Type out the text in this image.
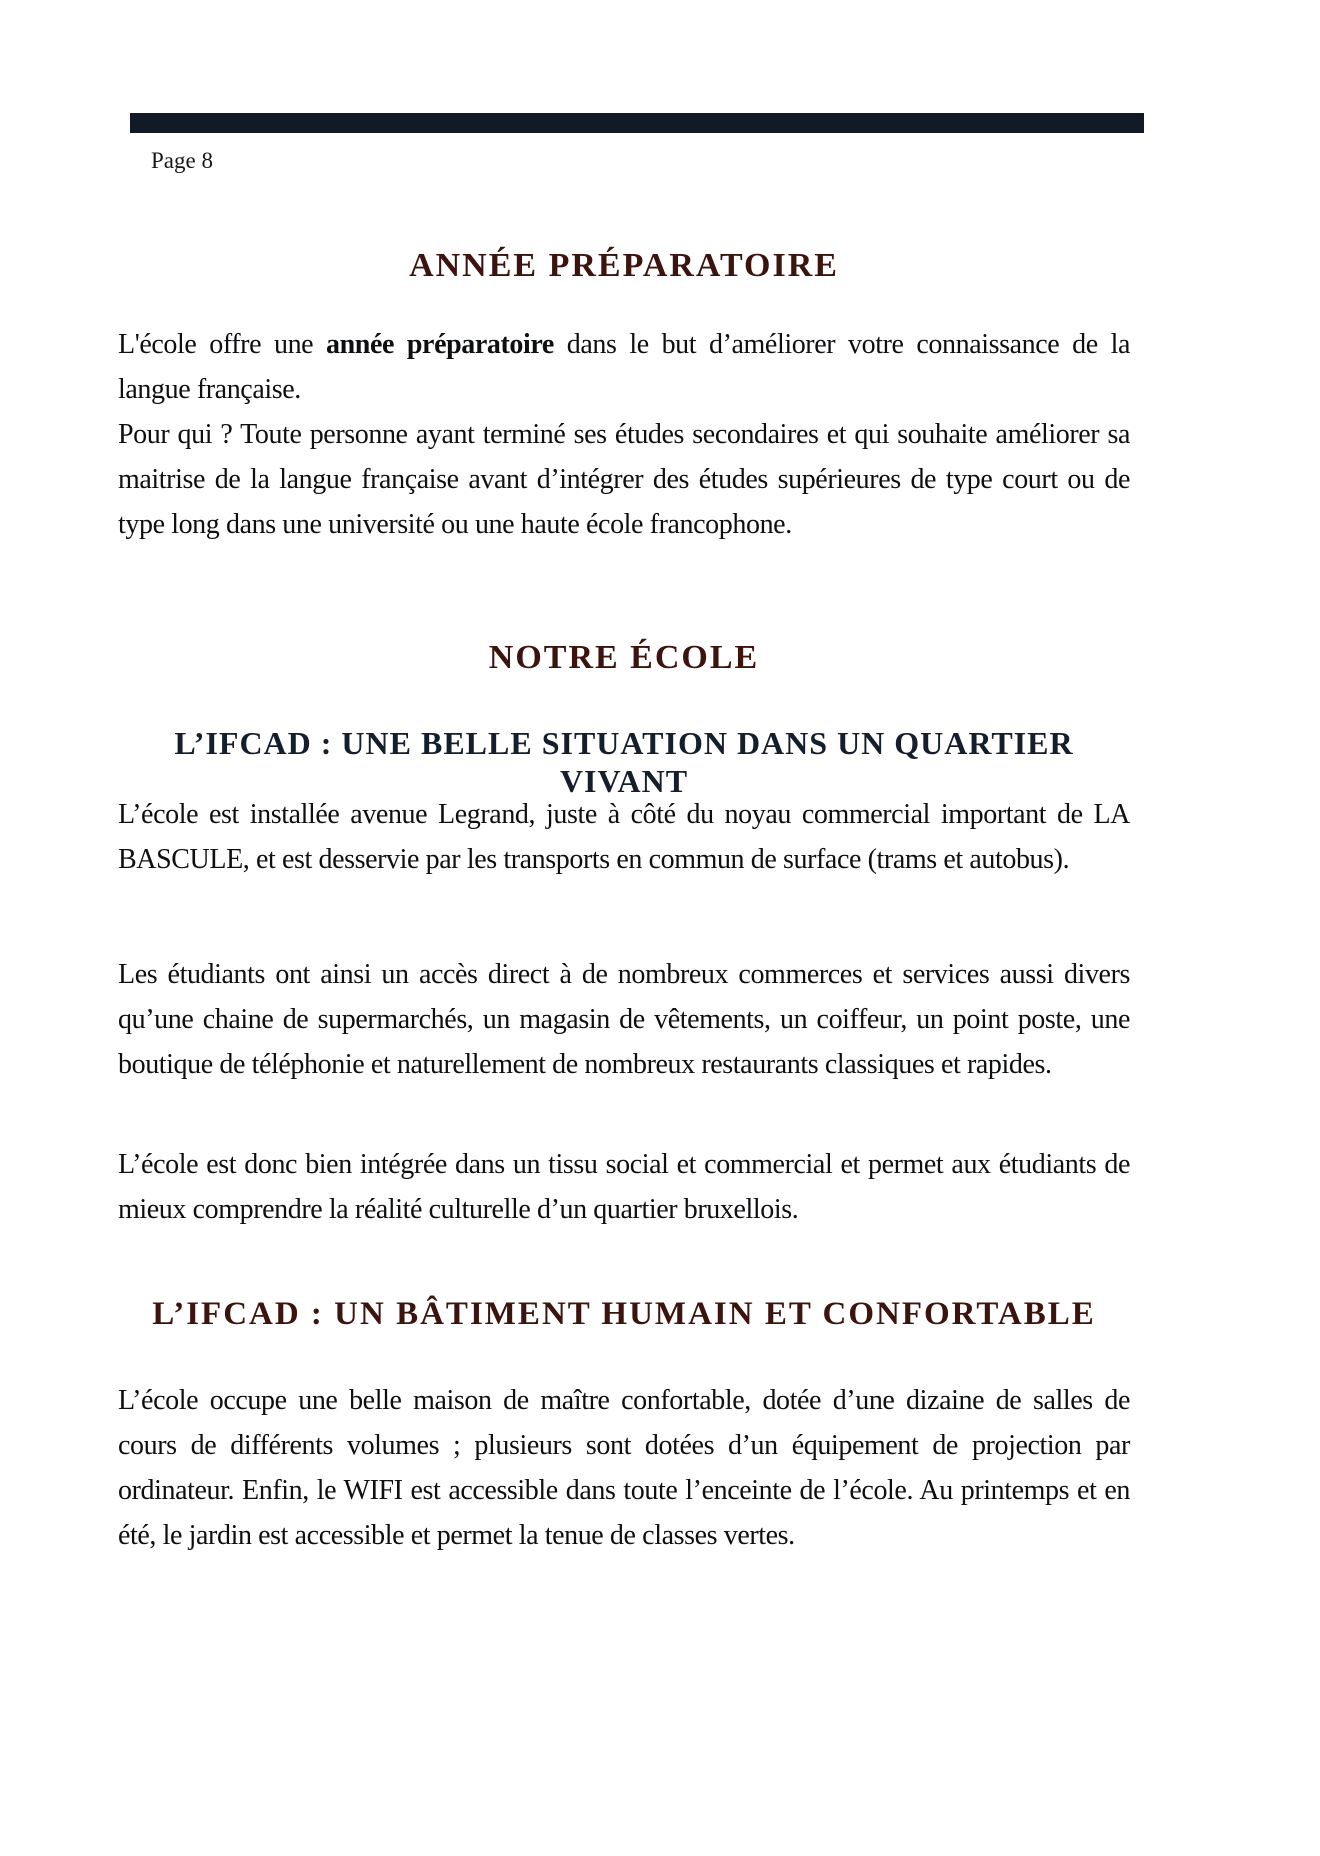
Page 8
ANNÉE PRÉPARATOIRE

L'école offre une année préparatoire dans le but d’améliorer votre connaissance de la langue française.

Pour qui ? Toute personne ayant terminé ses études secondaires et qui souhaite améliorer sa maitrise de la langue française avant d’intégrer des études supérieures de type court ou de type long dans une université ou une haute école francophone.

NOTRE ÉCOLE
L’IFCAD : UNE BELLE SITUATION DANS UN QUARTIER VIVANT

L’école est installée avenue Legrand, juste à côté du noyau commercial important de LA BASCULE, et est desservie par les transports en commun de surface (trams et autobus).

Les étudiants ont ainsi un accès direct à de nombreux commerces et services aussi divers qu’une chaine de supermarchés, un magasin de vêtements, un coiffeur, un point poste, une boutique de téléphonie et naturellement de nombreux restaurants classiques et rapides.

L’école est donc bien intégrée dans un tissu social et commercial et permet aux étudiants de mieux comprendre la réalité culturelle d’un quartier bruxellois.

L’IFCAD : UN BÂTIMENT HUMAIN ET CONFORTABLE

L’école occupe une belle maison de maître confortable, dotée d’une dizaine de salles de cours de différents volumes ; plusieurs sont dotées d’un équipement de projection par ordinateur. Enfin, le WIFI est accessible dans toute l’enceinte de l’école. Au printemps et en été, le jardin est accessible et permet la tenue de classes vertes.
